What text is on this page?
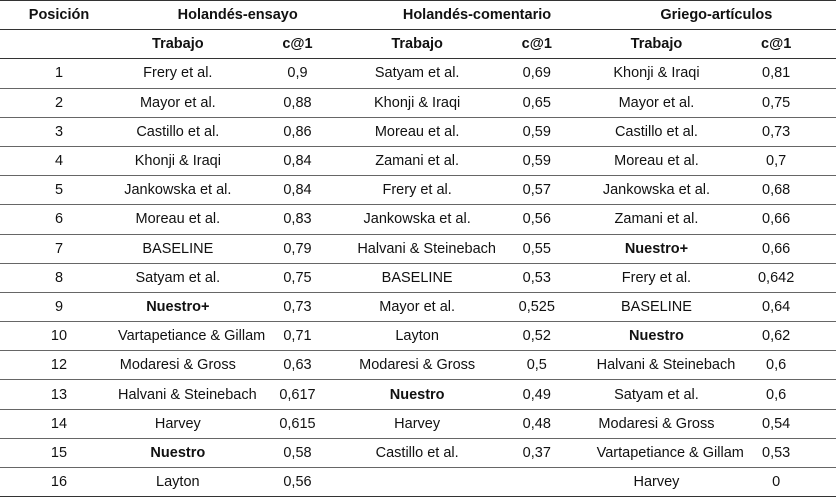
Posición	Holandés-ensayo		Holandés-comentario		Griego-artículos	
	Trabajo	c@1	Trabajo	c@1	Trabajo	c@1
1	Frery et al.	0,9	Satyam et al.	0,69	Khonji & Iraqi	0,81
2	Mayor et al.	0,88	Khonji & Iraqi	0,65	Mayor et al.	0,75
3	Castillo et al.	0,86	Moreau et al.	0,59	Castillo et al.	0,73
4	Khonji & Iraqi	0,84	Zamani et al.	0,59	Moreau et al.	0,7
5	Jankowska et al.	0,84	Frery et al.	0,57	Jankowska et al.	0,68
6	Moreau et al.	0,83	Jankowska et al.	0,56	Zamani et al.	0,66
7	BASELINE	0,79	Halvani & Steinebach	0,55	Nuestro+	0,66
8	Satyam et al.	0,75	BASELINE	0,53	Frery et al.	0,642
9	Nuestro+	0,73	Mayor et al.	0,525	BASELINE	0,64
10	Vartapetiance & Gillam	0,71	Layton	0,52	Nuestro	0,62
12	Modaresi & Gross	0,63	Modaresi & Gross	0,5	Halvani & Steinebach	0,6
13	Halvani & Steinebach	0,617	Nuestro	0,49	Satyam et al.	0,6
14	Harvey	0,615	Harvey	0,48	Modaresi & Gross	0,54
15	Nuestro	0,58	Castillo et al.	0,37	Vartapetiance & Gillam	0,53
16	Layton	0,56			Harvey	0
